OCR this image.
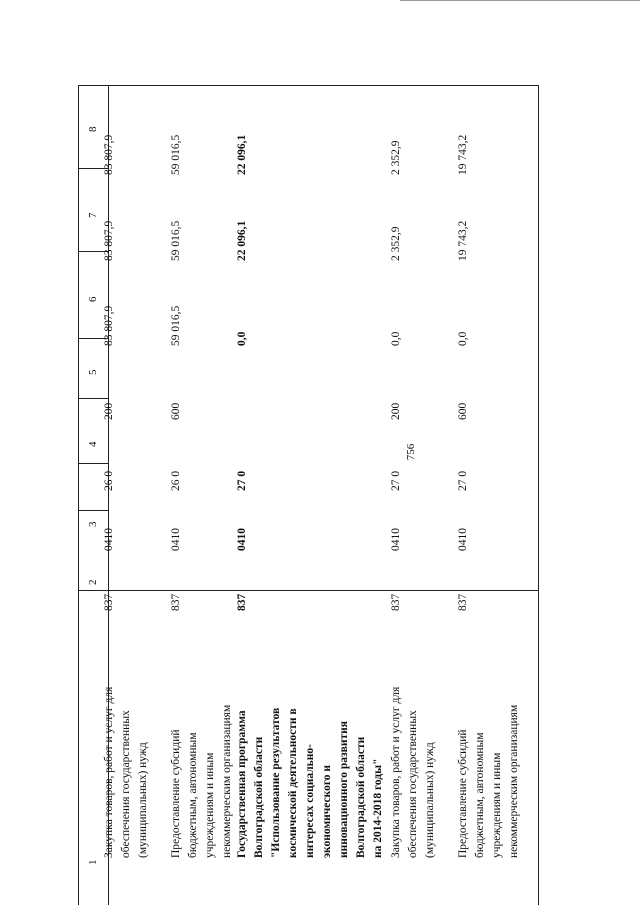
756
1
2
3
4
5
6
7
8
Закупка товаров, работ и услуг для обеспечения государственных (муниципальных) нужд
837
0410
26 0
200
83 807,9
83 807,9
83 807,9
Предоставление субсидий бюджетным, автономным учреждениям и иным некоммерческим организациям
837
0410
26 0
600
59 016,5
59 016,5
59 016,5
Государственная программа Волгоградской области "Использование результатов космической деятельности в интересах социально- экономического и инновационного развития Волгоградской области на 2014-2018 годы"
837
0410
27 0
0,0
22 096,1
22 096,1
Закупка товаров, работ и услуг для обеспечения государственных (муниципальных) нужд
837
0410
27 0
200
0,0
2 352,9
2 352,9
Предоставление субсидий бюджетным, автономным учреждениям и иным некоммерческим организациям
837
0410
27 0
600
0,0
19 743,2
19 743,2
